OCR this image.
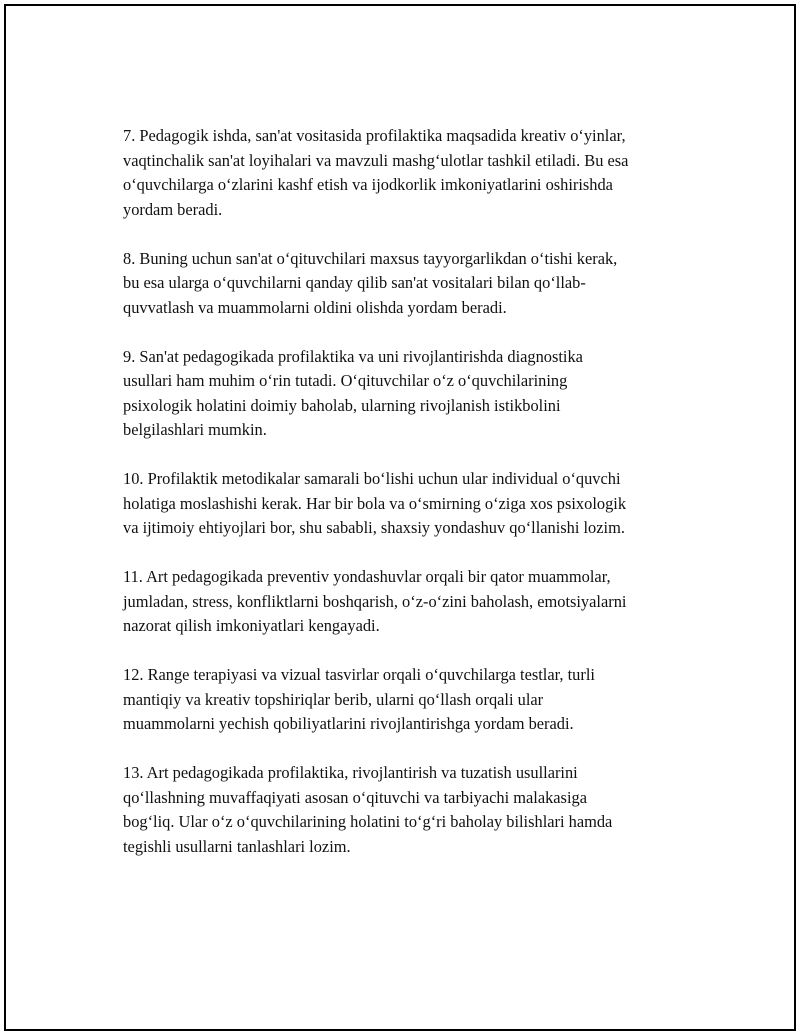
7. Pedagogik ishda, san'at vositasida profilaktika maqsadida kreativ o‘yinlar,
vaqtinchalik san'at loyihalari va mavzuli mashg‘ulotlar tashkil etiladi. Bu esa
o‘quvchilarga o‘zlarini kashf etish va ijodkorlik imkoniyatlarini oshirishda
yordam beradi.

8. Buning uchun san'at o‘qituvchilari maxsus tayyorgarlikdan o‘tishi kerak,
bu esa ularga o‘quvchilarni qanday qilib san'at vositalari bilan qo‘llab-
quvvatlash va muammolarni oldini olishda yordam beradi.

9. San'at pedagogikada profilaktika va uni rivojlantirishda diagnostika
usullari ham muhim o‘rin tutadi. O‘qituvchilar o‘z o‘quvchilarining
psixologik holatini doimiy baholab, ularning rivojlanish istikbolini
belgilashlari mumkin.

10. Profilaktik metodikalar samarali bo‘lishi uchun ular individual o‘quvchi
holatiga moslashishi kerak. Har bir bola va o‘smirning o‘ziga xos psixologik
va ijtimoiy ehtiyojlari bor, shu sababli, shaxsiy yondashuv qo‘llanishi lozim.

11. Art pedagogikada preventiv yondashuvlar orqali bir qator muammolar,
jumladan, stress, konfliktlarni boshqarish, o‘z-o‘zini baholash, emotsiyalarni
nazorat qilish imkoniyatlari kengayadi.

12. Range terapiyasi va vizual tasvirlar orqali o‘quvchilarga testlar, turli
mantiqiy va kreativ topshiriqlar berib, ularni qo‘llash orqali ular
muammolarni yechish qobiliyatlarini rivojlantirishga yordam beradi.

13. Art pedagogikada profilaktika, rivojlantirish va tuzatish usullarini
qo‘llashning muvaffaqiyati asosan o‘qituvchi va tarbiyachi malakasiga
bog‘liq. Ular o‘z o‘quvchilarining holatini to‘g‘ri baholay bilishlari hamda
tegishli usullarni tanlashlari lozim.
